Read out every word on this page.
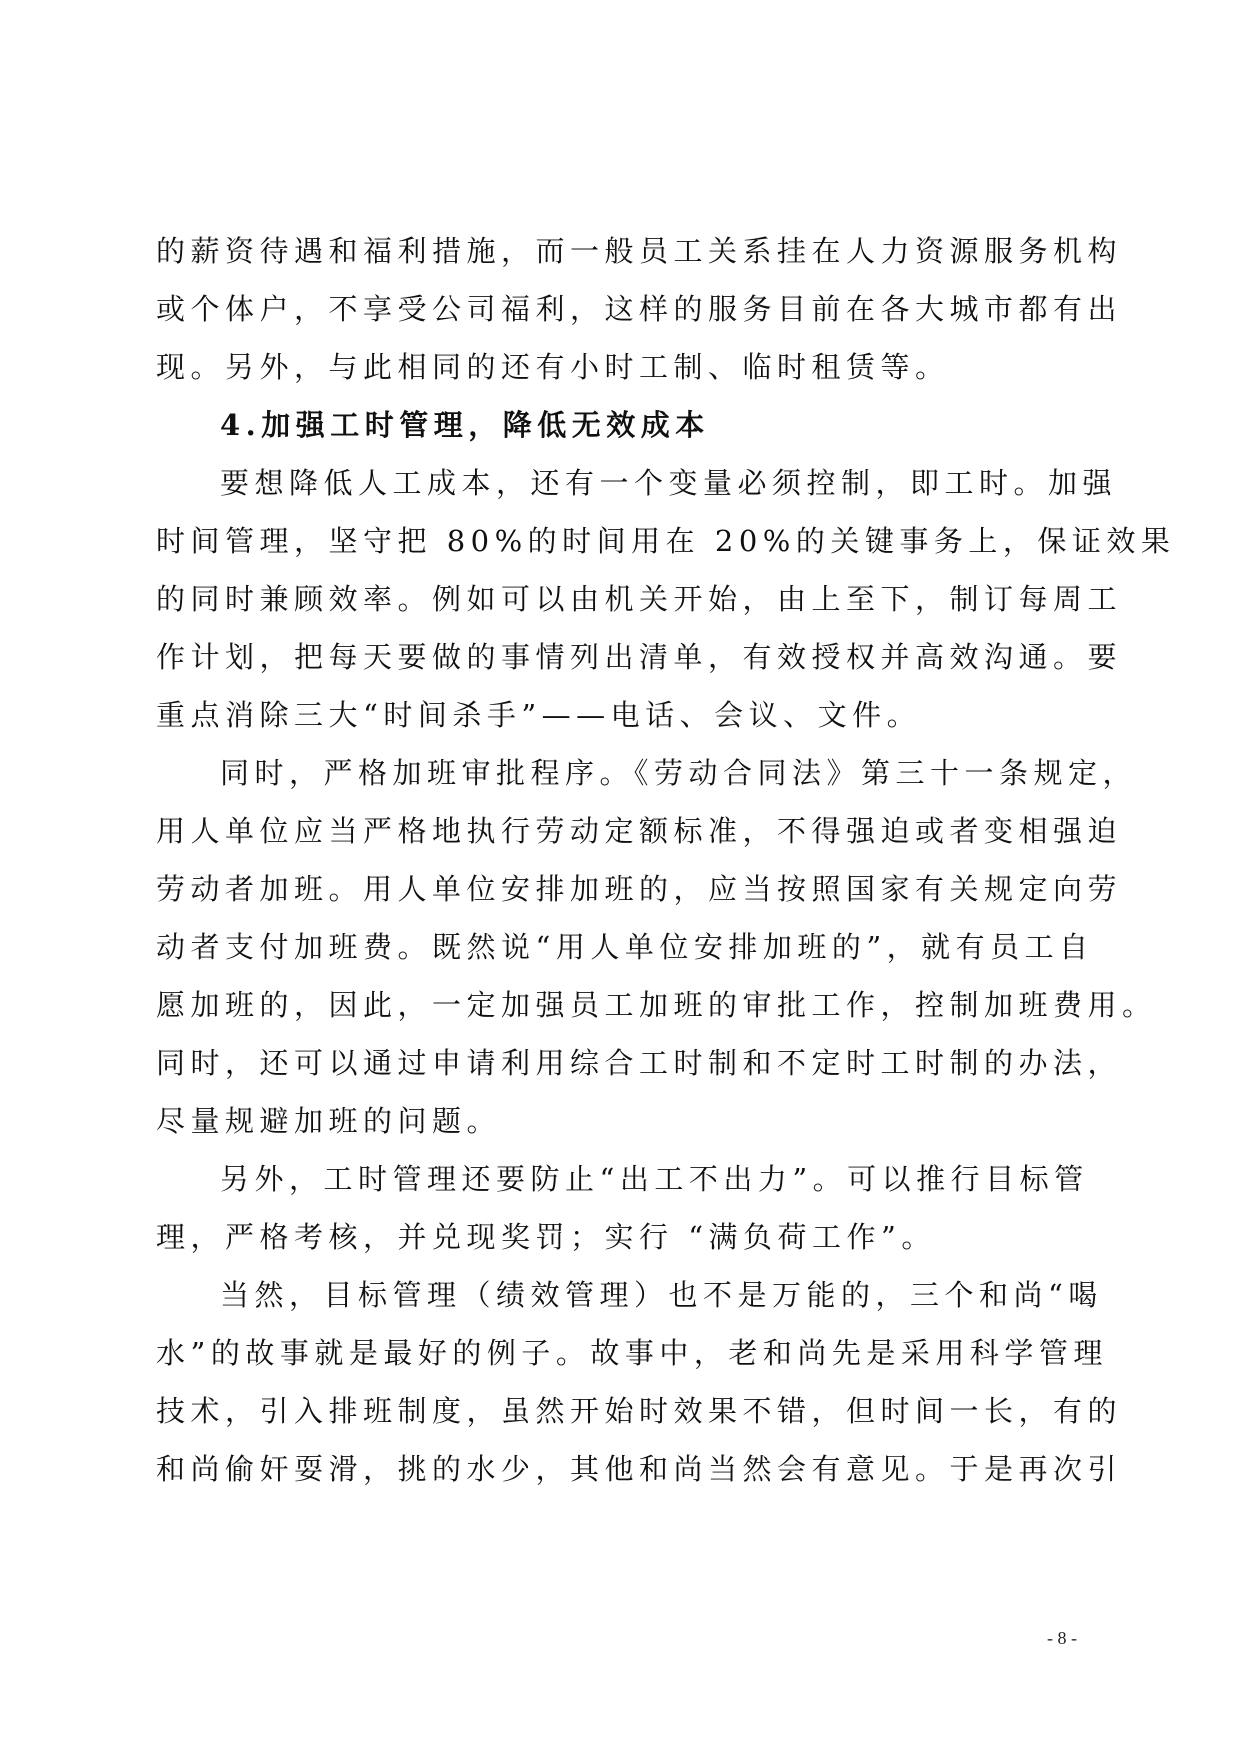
的薪资待遇和福利措施，而一般员工关系挂在人力资源服务机构
或个体户，不享受公司福利，这样的服务目前在各大城市都有出
现。另外，与此相同的还有小时工制、临时租赁等。
4.加强工时管理，降低无效成本
要想降低人工成本，还有一个变量必须控制，即工时。加强
时间管理，坚守把 80%的时间用在 20%的关键事务上，保证效果
的同时兼顾效率。例如可以由机关开始，由上至下，制订每周工
作计划，把每天要做的事情列出清单，有效授权并高效沟通。要
重点消除三大“时间杀手”——电话、会议、文件。
同时，严格加班审批程序。《劳动合同法》第三十一条规定，
用人单位应当严格地执行劳动定额标准，不得强迫或者变相强迫
劳动者加班。用人单位安排加班的，应当按照国家有关规定向劳
动者支付加班费。既然说“用人单位安排加班的”，就有员工自
愿加班的，因此，一定加强员工加班的审批工作，控制加班费用。
同时，还可以通过申请利用综合工时制和不定时工时制的办法，
尽量规避加班的问题。
另外，工时管理还要防止“出工不出力”。可以推行目标管
理，严格考核，并兑现奖罚；实行 “满负荷工作”。
当然，目标管理（绩效管理）也不是万能的，三个和尚“喝
水”的故事就是最好的例子。故事中，老和尚先是采用科学管理
技术，引入排班制度，虽然开始时效果不错，但时间一长，有的
和尚偷奸耍滑，挑的水少，其他和尚当然会有意见。于是再次引
- 8 -
